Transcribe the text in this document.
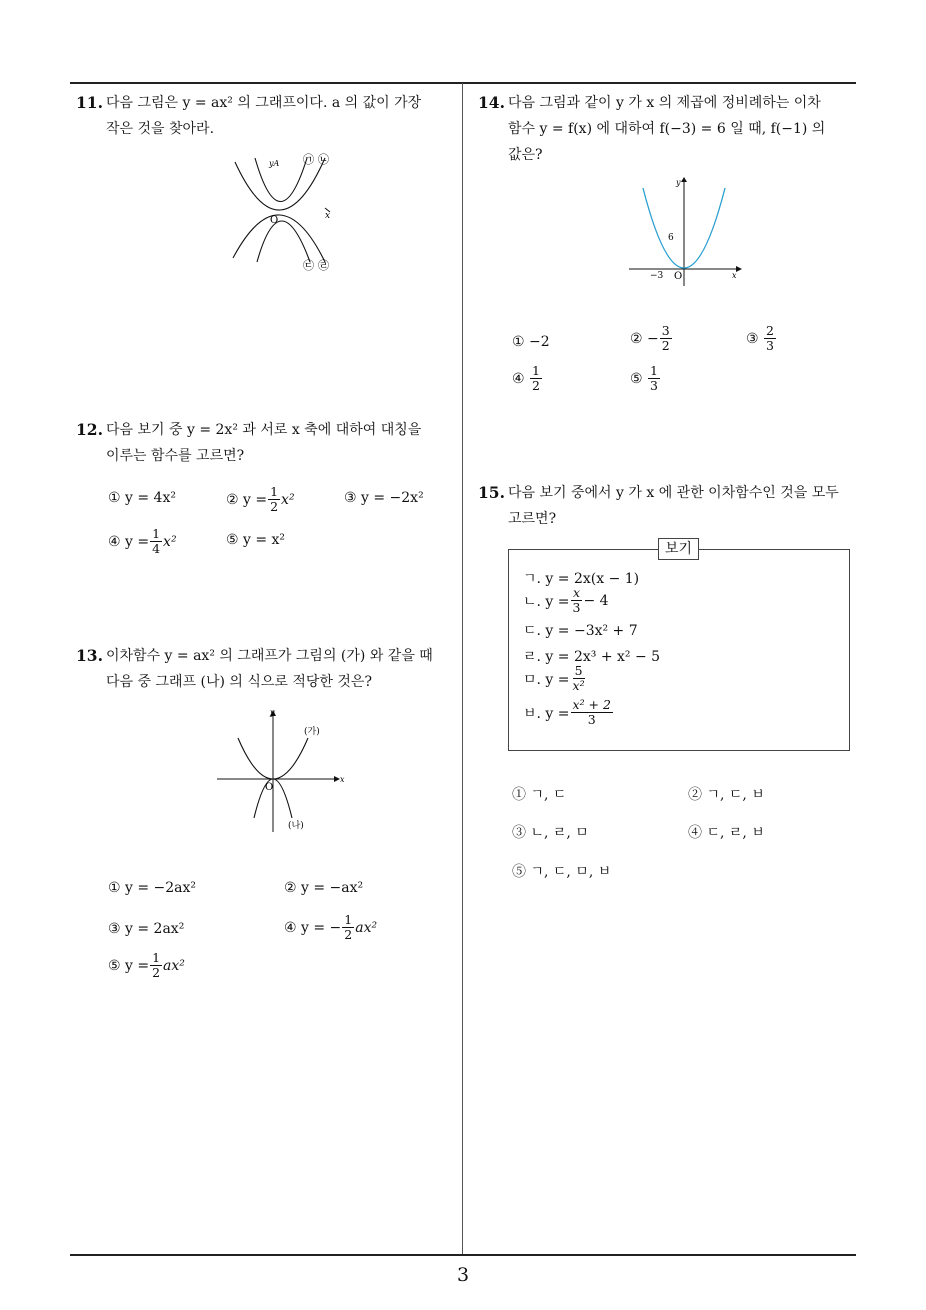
3
11. 다음 그림은 y = ax² 의 그래프이다. a 의 값이 가장
작은 것을 찾아라.
yA
x
O
㉠ ㉡
㉢ ㉣
12. 다음 보기 중 y = 2x² 과 서로 x 축에 대하여 대칭을
이루는 함수를 고르면?
① y = 4x²	② $y = \frac{1}{2} x^2$	③ y = −2x²
④ $y = \frac{1}{4} x^2$	⑤ y = x²
13. 이차함수 y = ax² 의 그래프가 그림의 (가) 와 같을 때
다음 중 그래프 (나) 의 식으로 적당한 것은?
y
x
O
(가)
(나)
① y = −2ax²	② y = −ax²
③ y = 2ax²	④ y = − $\frac{1}{2} ax^2$
⑤ $y = \frac{1}{2} ax^2$
14. 다음 그림과 같이 y 가 x 의 제곱에 정비례하는 이차
함수 y = f(x) 에 대하여 f(−3) = 6 일 때, f(−1) 의
값은?
y
x
O
6
−3
① −2	② − $\frac{3}{2}$	③
$\frac{2}{3}$
④
$\frac{1}{2}$	⑤
$\frac{1}{3}$
15. 다음 보기 중에서 y 가 x 에 관한 이차함수인 것을 모두
고르면?
보기
ㄱ. y = 2x(x − 1)
ㄴ. $y = \frac{x}{3} - 4$
ㄷ. y = −3x² + 7
ㄹ. y = 2x³ + x² − 5
ㅁ. $y = \frac{5}{\text{x²}}$
ㅂ. $y = \frac{\text{x² + 2}}{3}$
① ㄱ, ㄷ	② ㄱ, ㄷ, ㅂ
③ ㄴ, ㄹ, ㅁ	④ ㄷ, ㄹ, ㅂ
⑤ ㄱ, ㄷ, ㅁ, ㅂ
